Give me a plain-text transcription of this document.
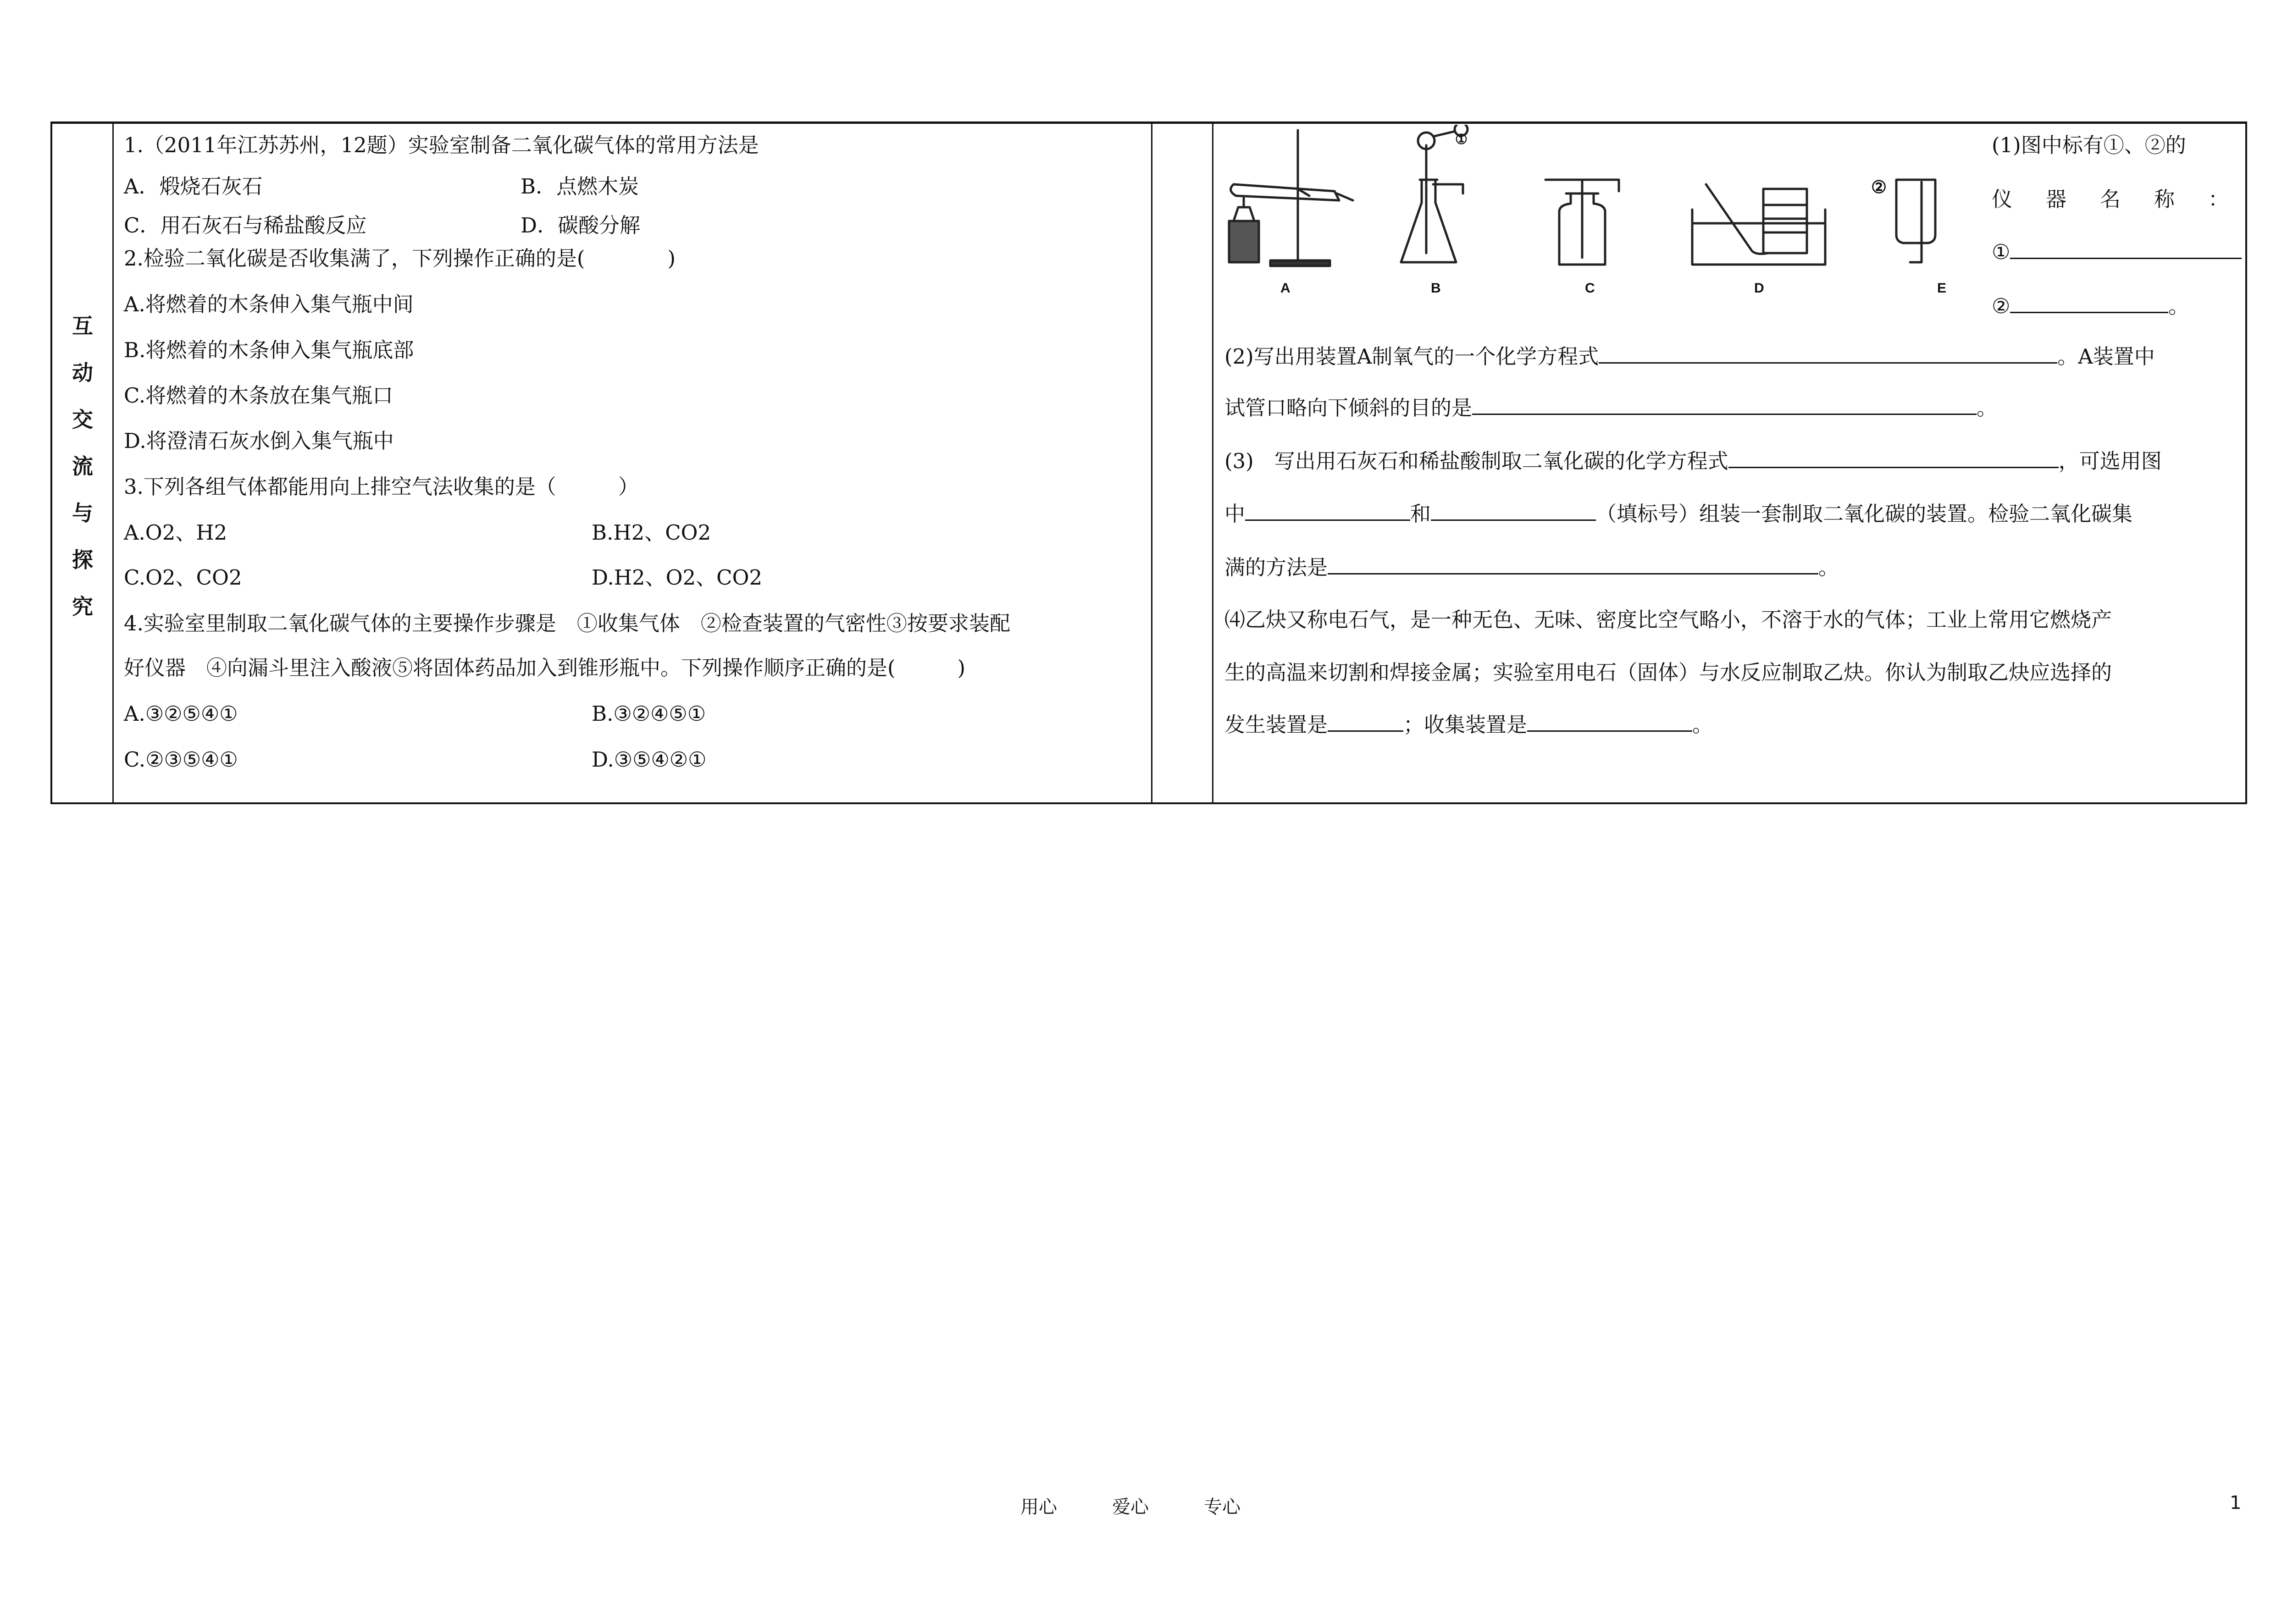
互
动
交
流
与
探
究
1.（2011年江苏苏州，12题）实验室制备二氧化碳气体的常用方法是
A．煅烧石灰石	B．点燃木炭
C．用石灰石与稀盐酸反应	D．碳酸分解
2.检验二氧化碳是否收集满了，下列操作正确的是(　　　　)
A.将燃着的木条伸入集气瓶中间
B.将燃着的木条伸入集气瓶底部
C.将燃着的木条放在集气瓶口
D.将澄清石灰水倒入集气瓶中
3.下列各组气体都能用向上排空气法收集的是（　　　）
A.O2、H2	B.H2、CO2
C.O2、CO2	D.H2、O2、CO2
4.实验室里制取二氧化碳气体的主要操作步骤是　①收集气体　②检查装置的气密性③按要求装配
好仪器　④向漏斗里注入酸液⑤将固体药品加入到锥形瓶中。下列操作顺序正确的是(　　　)
A.③②⑤④①	B.③②④⑤①
C.②③⑤④①	D.③⑤④②①
A	B	C	D	E
①
②
(1)图中标有①、②的
仪　器　名　称　：
①
②	。
(2)写出用装置A制氧气的一个化学方程式	。A装置中
试管口略向下倾斜的目的是	。
(3)　写出用石灰石和稀盐酸制取二氧化碳的化学方程式	，可选用图
中	和	（填标号）组装一套制取二氧化碳的装置。检验二氧化碳集
满的方法是	。
⑷乙炔又称电石气，是一种无色、无味、密度比空气略小，不溶于水的气体；工业上常用它燃烧产
生的高温来切割和焊接金属；实验室用电石（固体）与水反应制取乙炔。你认为制取乙炔应选择的
发生装置是	；收集装置是	。
用心	爱心	专心	1
